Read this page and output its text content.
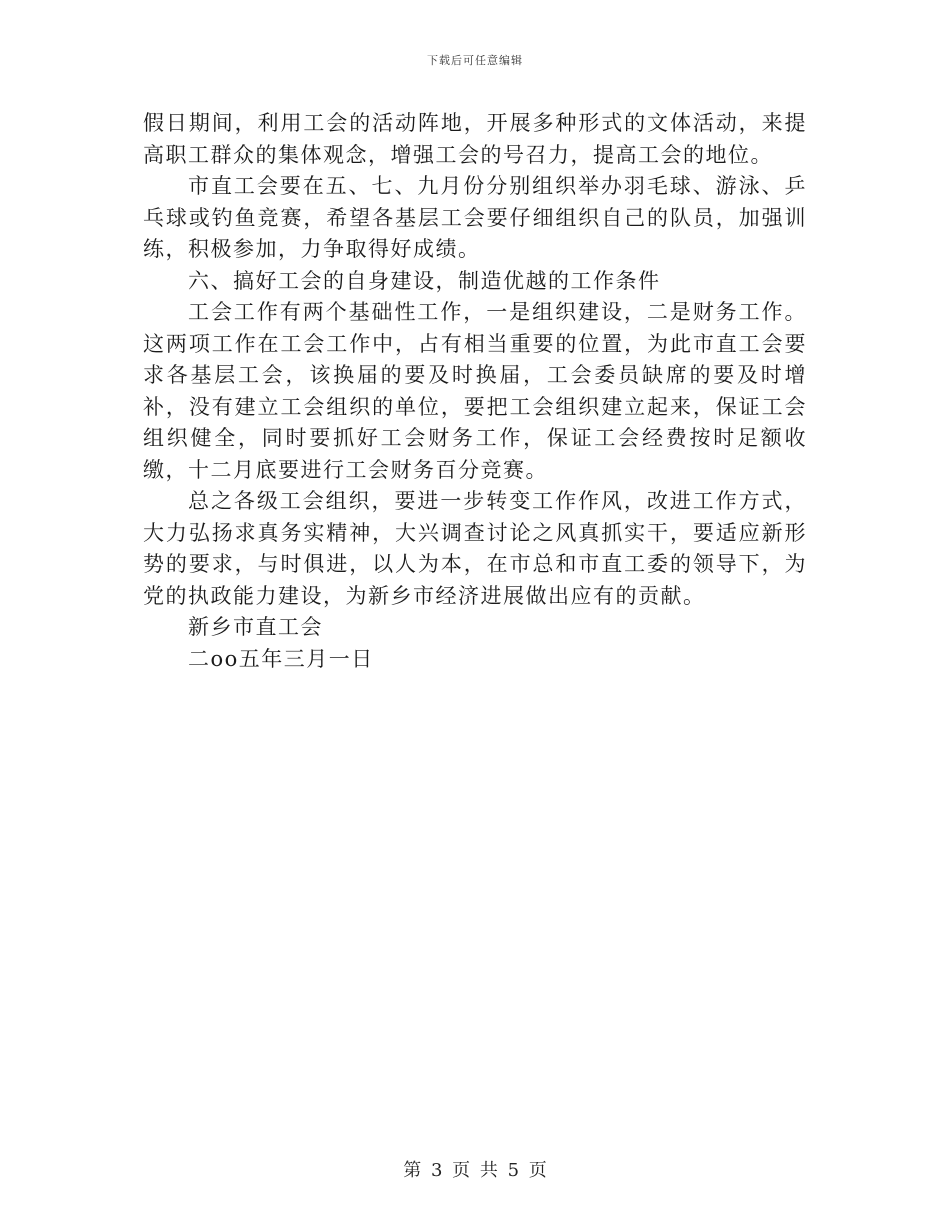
下载后可任意编辑

假日期间，利用工会的活动阵地，开展多种形式的文体活动，来提高职工群众的集体观念，增强工会的号召力，提高工会的地位。

市直工会要在五、七、九月份分别组织举办羽毛球、游泳、乒乓球或钓鱼竞赛，希望各基层工会要仔细组织自己的队员，加强训练，积极参加，力争取得好成绩。

六、搞好工会的自身建设，制造优越的工作条件

工会工作有两个基础性工作，一是组织建设，二是财务工作。这两项工作在工会工作中，占有相当重要的位置，为此市直工会要求各基层工会，该换届的要及时换届，工会委员缺席的要及时增补，没有建立工会组织的单位，要把工会组织建立起来，保证工会组织健全，同时要抓好工会财务工作，保证工会经费按时足额收缴，十二月底要进行工会财务百分竞赛。

总之各级工会组织，要进一步转变工作作风，改进工作方式，大力弘扬求真务实精神，大兴调查讨论之风真抓实干，要适应新形势的要求，与时俱进，以人为本，在市总和市直工委的领导下，为党的执政能力建设，为新乡市经济进展做出应有的贡献。

新乡市直工会

二oo五年三月一日

第 3 页 共 5 页
